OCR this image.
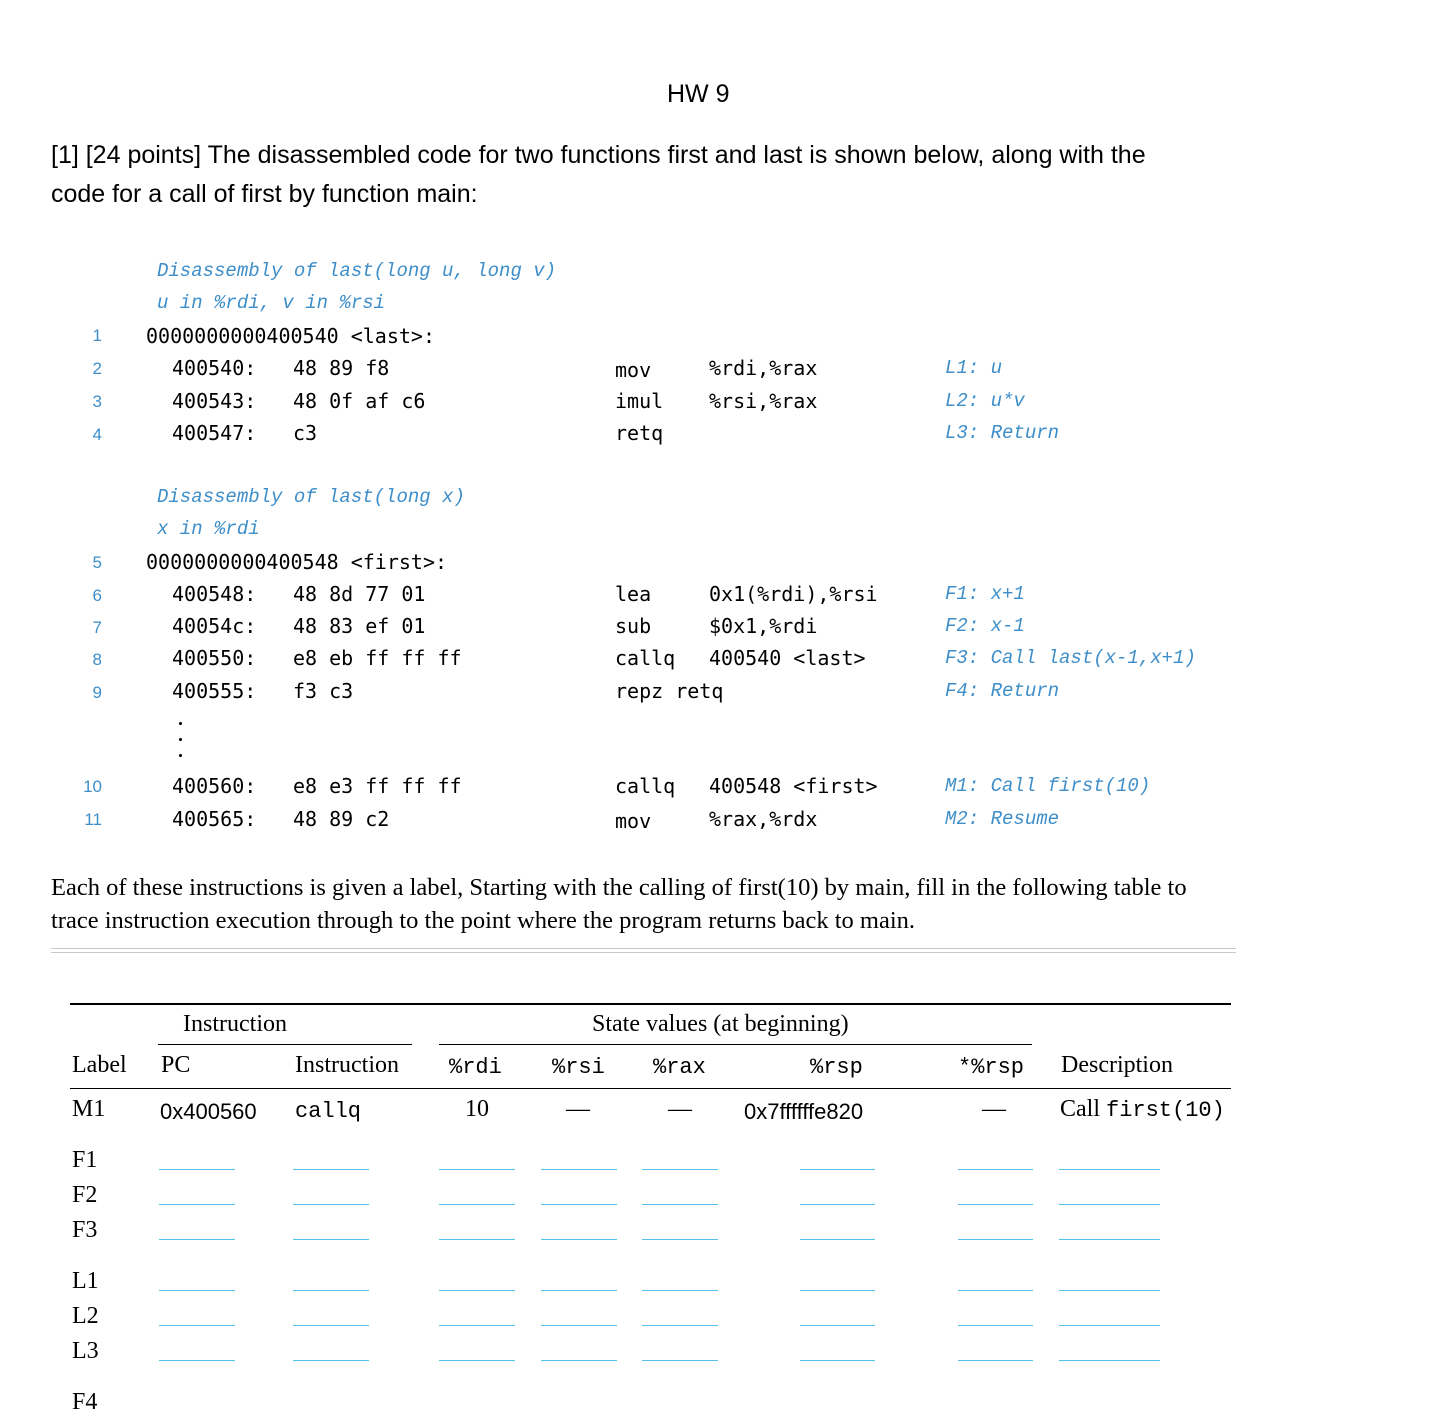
HW 9
[1] [24 points] The disassembled code for two functions first and last is shown below, along with the
code for a call of first by function main:
Disassembly of last(long u, long v)
u in %rdi, v in %rsi
1 0000000000400540 <last>:
2	400540: 48 89 f8	mov	%rdi,%rax	L1: u
3	400543: 48 0f af c6	imul %rsi,%rax	L2: u*v
4	400547: c3	retq	L3: Return
Disassembly of last(long x)
x in %rdi
5 0000000000400548 <first>:
6	400548: 48 8d 77 01	lea	0x1(%rdi),%rsi	F1: x+1
7	40054c: 48 83 ef 01	sub	$0x1,%rdi	F2: x-1
8	400550: e8 eb ff ff ff	callq 400540 <last>	F3: Call last(x-1,x+1)
9	400555: f3 c3	repz retq	F4: Return
10	400560: e8 e3 ff ff ff	callq 400548 <first>	M1: Call first(10)
11	400565: 48 89 c2	mov	%rax,%rdx	M2: Resume
Each of these instructions is given a label, Starting with the calling of first(10) by main, fill in the following table to
trace instruction execution through to the point where the program returns back to main.
Instruction	State values (at beginning)
Label PC	Instruction %rdi %rsi %rax	%rsp	*%rsp Description
M1 0x400560 callq	10	—	— 0x7ffffffe820	— Call first(10)
F1
F2
F3
L1
L2
L3
F4
